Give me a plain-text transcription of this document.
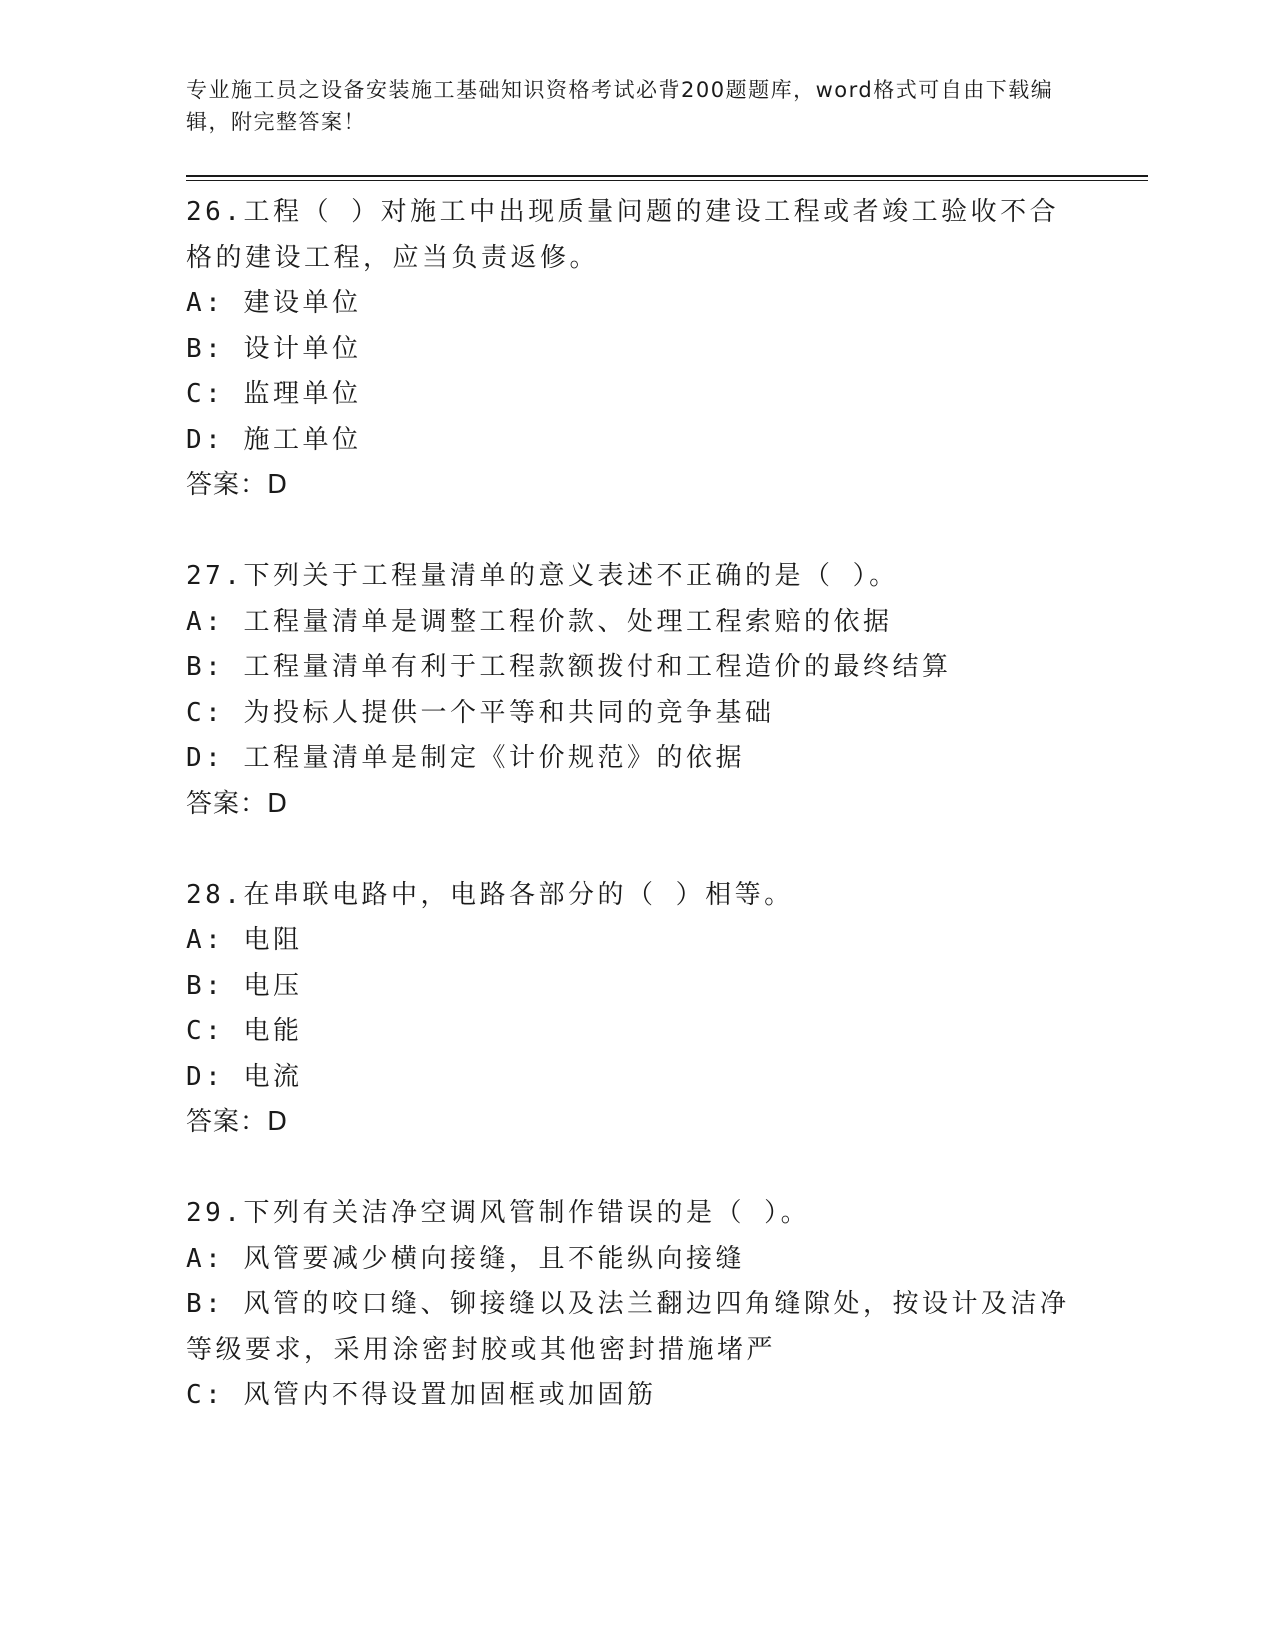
专业施工员之设备安装施工基础知识资格考试必背200题题库，word格式可自由下载编辑，附完整答案！

26.工程（ ）对施工中出现质量问题的建设工程或者竣工验收不合格的建设工程，应当负责返修。

A: 建设单位

B: 设计单位

C: 监理单位

D: 施工单位

答案：D

27.下列关于工程量清单的意义表述不正确的是（ ）。

A: 工程量清单是调整工程价款、处理工程索赔的依据

B: 工程量清单有利于工程款额拨付和工程造价的最终结算

C: 为投标人提供一个平等和共同的竞争基础

D: 工程量清单是制定《计价规范》的依据

答案：D

28.在串联电路中，电路各部分的（ ）相等。

A: 电阻

B: 电压

C: 电能

D: 电流

答案：D

29.下列有关洁净空调风管制作错误的是（ ）。

A: 风管要减少横向接缝，且不能纵向接缝

B: 风管的咬口缝、铆接缝以及法兰翻边四角缝隙处，按设计及洁净等级要求，采用涂密封胶或其他密封措施堵严

C: 风管内不得设置加固框或加固筋
